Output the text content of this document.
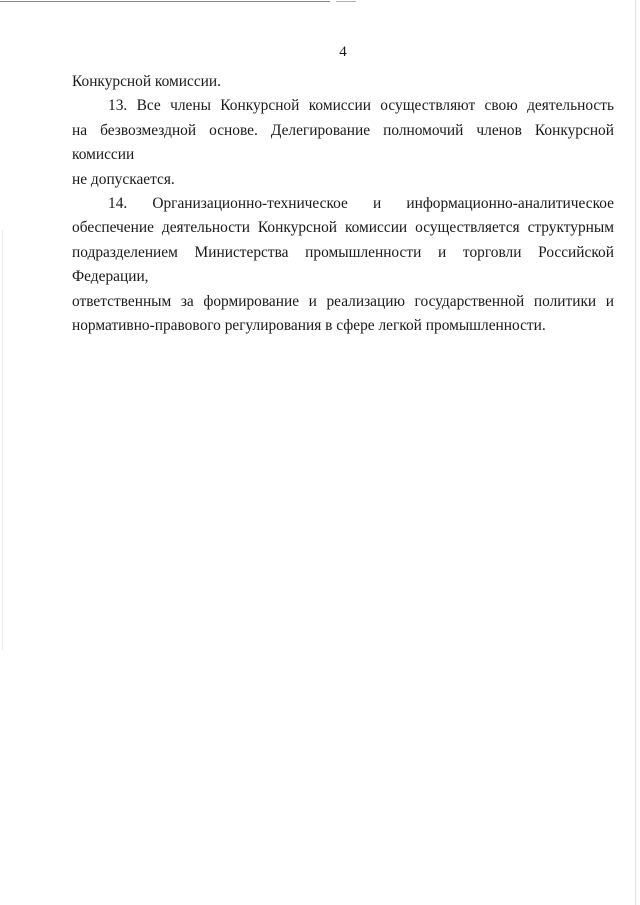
4

Конкурсной комиссии.

13. Все члены Конкурсной комиссии осуществляют свою деятельность
на безвозмездной основе. Делегирование полномочий членов Конкурсной комиссии
не допускается.

14. Организационно-техническое и информационно-аналитическое
обеспечение деятельности Конкурсной комиссии осуществляется структурным
подразделением Министерства промышленности и торговли Российской Федерации,
ответственным за формирование и реализацию государственной политики и
нормативно-правового регулирования в сфере легкой промышленности.
